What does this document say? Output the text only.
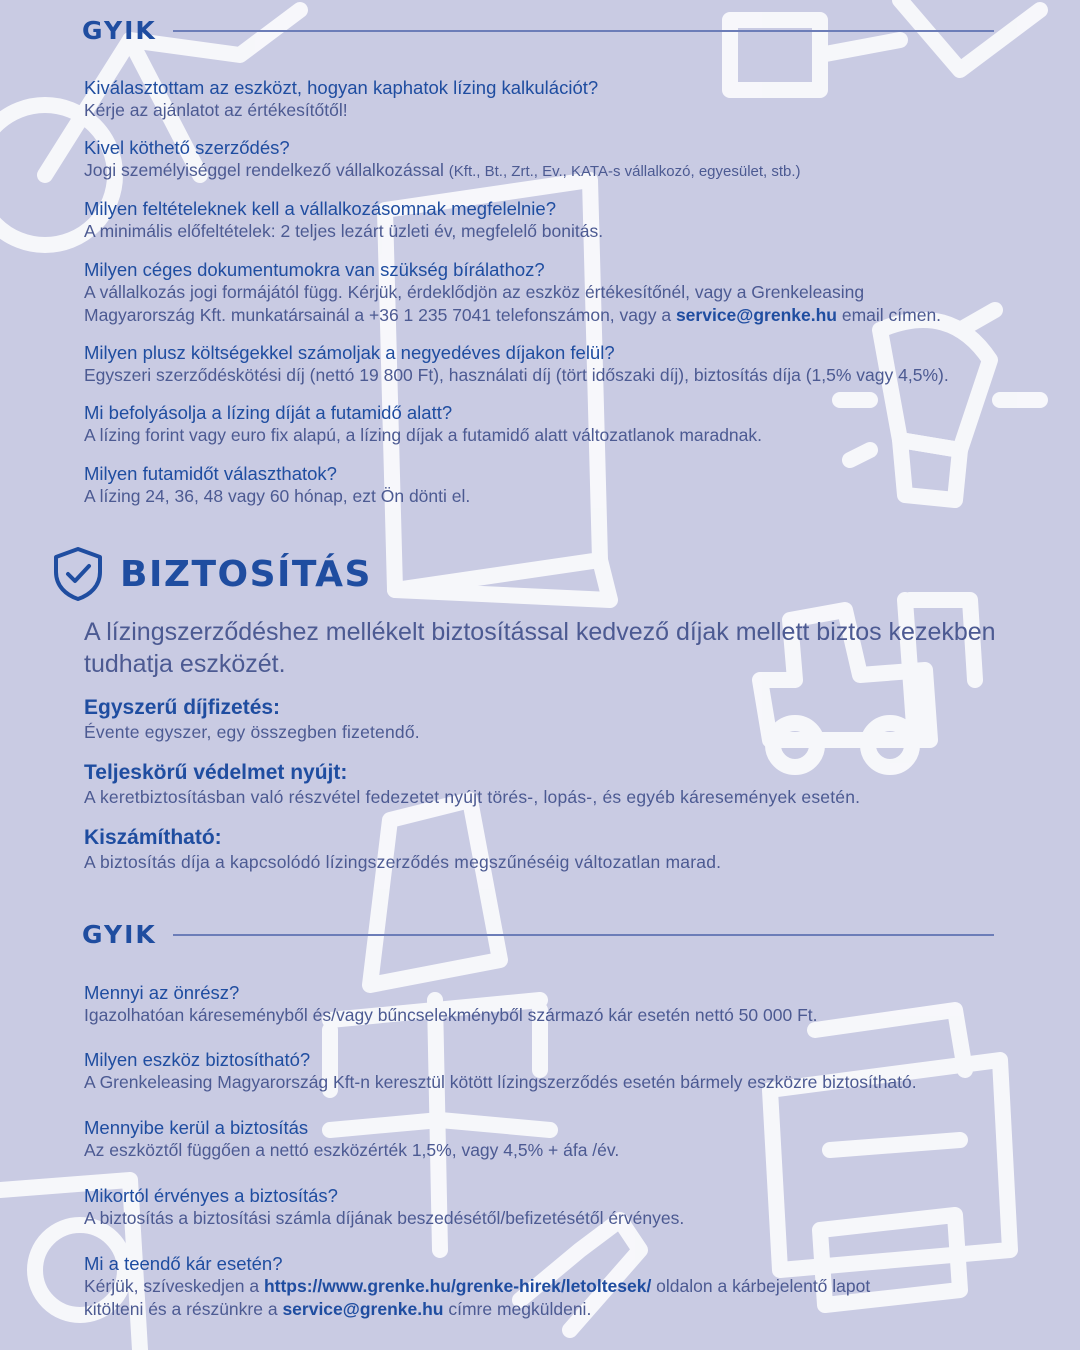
GYIK
Kiválasztottam az eszközt, hogyan kaphatok lízing kalkulációt?
Kérje az ajánlatot az értékesítőtől!
Kivel köthető szerződés?
Jogi személyiséggel rendelkező vállalkozással (Kft., Bt., Zrt., Ev., KATA-s vállalkozó, egyesület, stb.)
Milyen feltételeknek kell a vállalkozásomnak megfelelnie?
A minimális előfeltételek: 2 teljes lezárt üzleti év, megfelelő bonitás.
Milyen céges dokumentumokra van szükség bírálathoz?
A vállalkozás jogi formájától függ. Kérjük, érdeklődjön az eszköz értékesítőnél, vagy a Grenkeleasing
Magyarország Kft. munkatársainál a +36 1 235 7041 telefonszámon, vagy a service@grenke.hu email címen.
Milyen plusz költségekkel számoljak a negyedéves díjakon felül?
Egyszeri szerződéskötési díj (nettó 19 800 Ft), használati díj (tört időszaki díj), biztosítás díja (1,5% vagy 4,5%).
Mi befolyásolja a lízing díját a futamidő alatt?
A lízing forint vagy euro fix alapú, a lízing díjak a futamidő alatt változatlanok maradnak.
Milyen futamidőt választhatok?
A lízing 24, 36, 48 vagy 60 hónap, ezt Ön dönti el.
BIZTOSÍTÁS
A lízingszerződéshez mellékelt biztosítással kedvező díjak mellett biztos kezekben tudhatja eszközét.
Egyszerű díjfizetés:
Évente egyszer, egy összegben fizetendő.
Teljeskörű védelmet nyújt:
A keretbiztosításban való részvétel fedezetet nyújt törés-, lopás-, és egyéb káresemények esetén.
Kiszámítható:
A biztosítás díja a kapcsolódó lízingszerződés megszűnéséig változatlan marad.
GYIK
Mennyi az önrész?
Igazolhatóan káreseményből és/vagy bűncselekményből származó kár esetén nettó 50 000 Ft.
Milyen eszköz biztosítható?
A Grenkeleasing Magyarország Kft-n keresztül kötött lízingszerződés esetén bármely eszközre biztosítható.
Mennyibe kerül a biztosítás
Az eszköztől függően a nettó eszközérték 1,5%, vagy 4,5% + áfa /év.
Mikortól érvényes a biztosítás?
A biztosítás a biztosítási számla díjának beszedésétől/befizetésétől érvényes.
Mi a teendő kár esetén?
Kérjük, szíveskedjen a https://www.grenke.hu/grenke-hirek/letoltesek/ oldalon a kárbejelentő lapot
kitölteni és a részünkre a service@grenke.hu címre megküldeni.
